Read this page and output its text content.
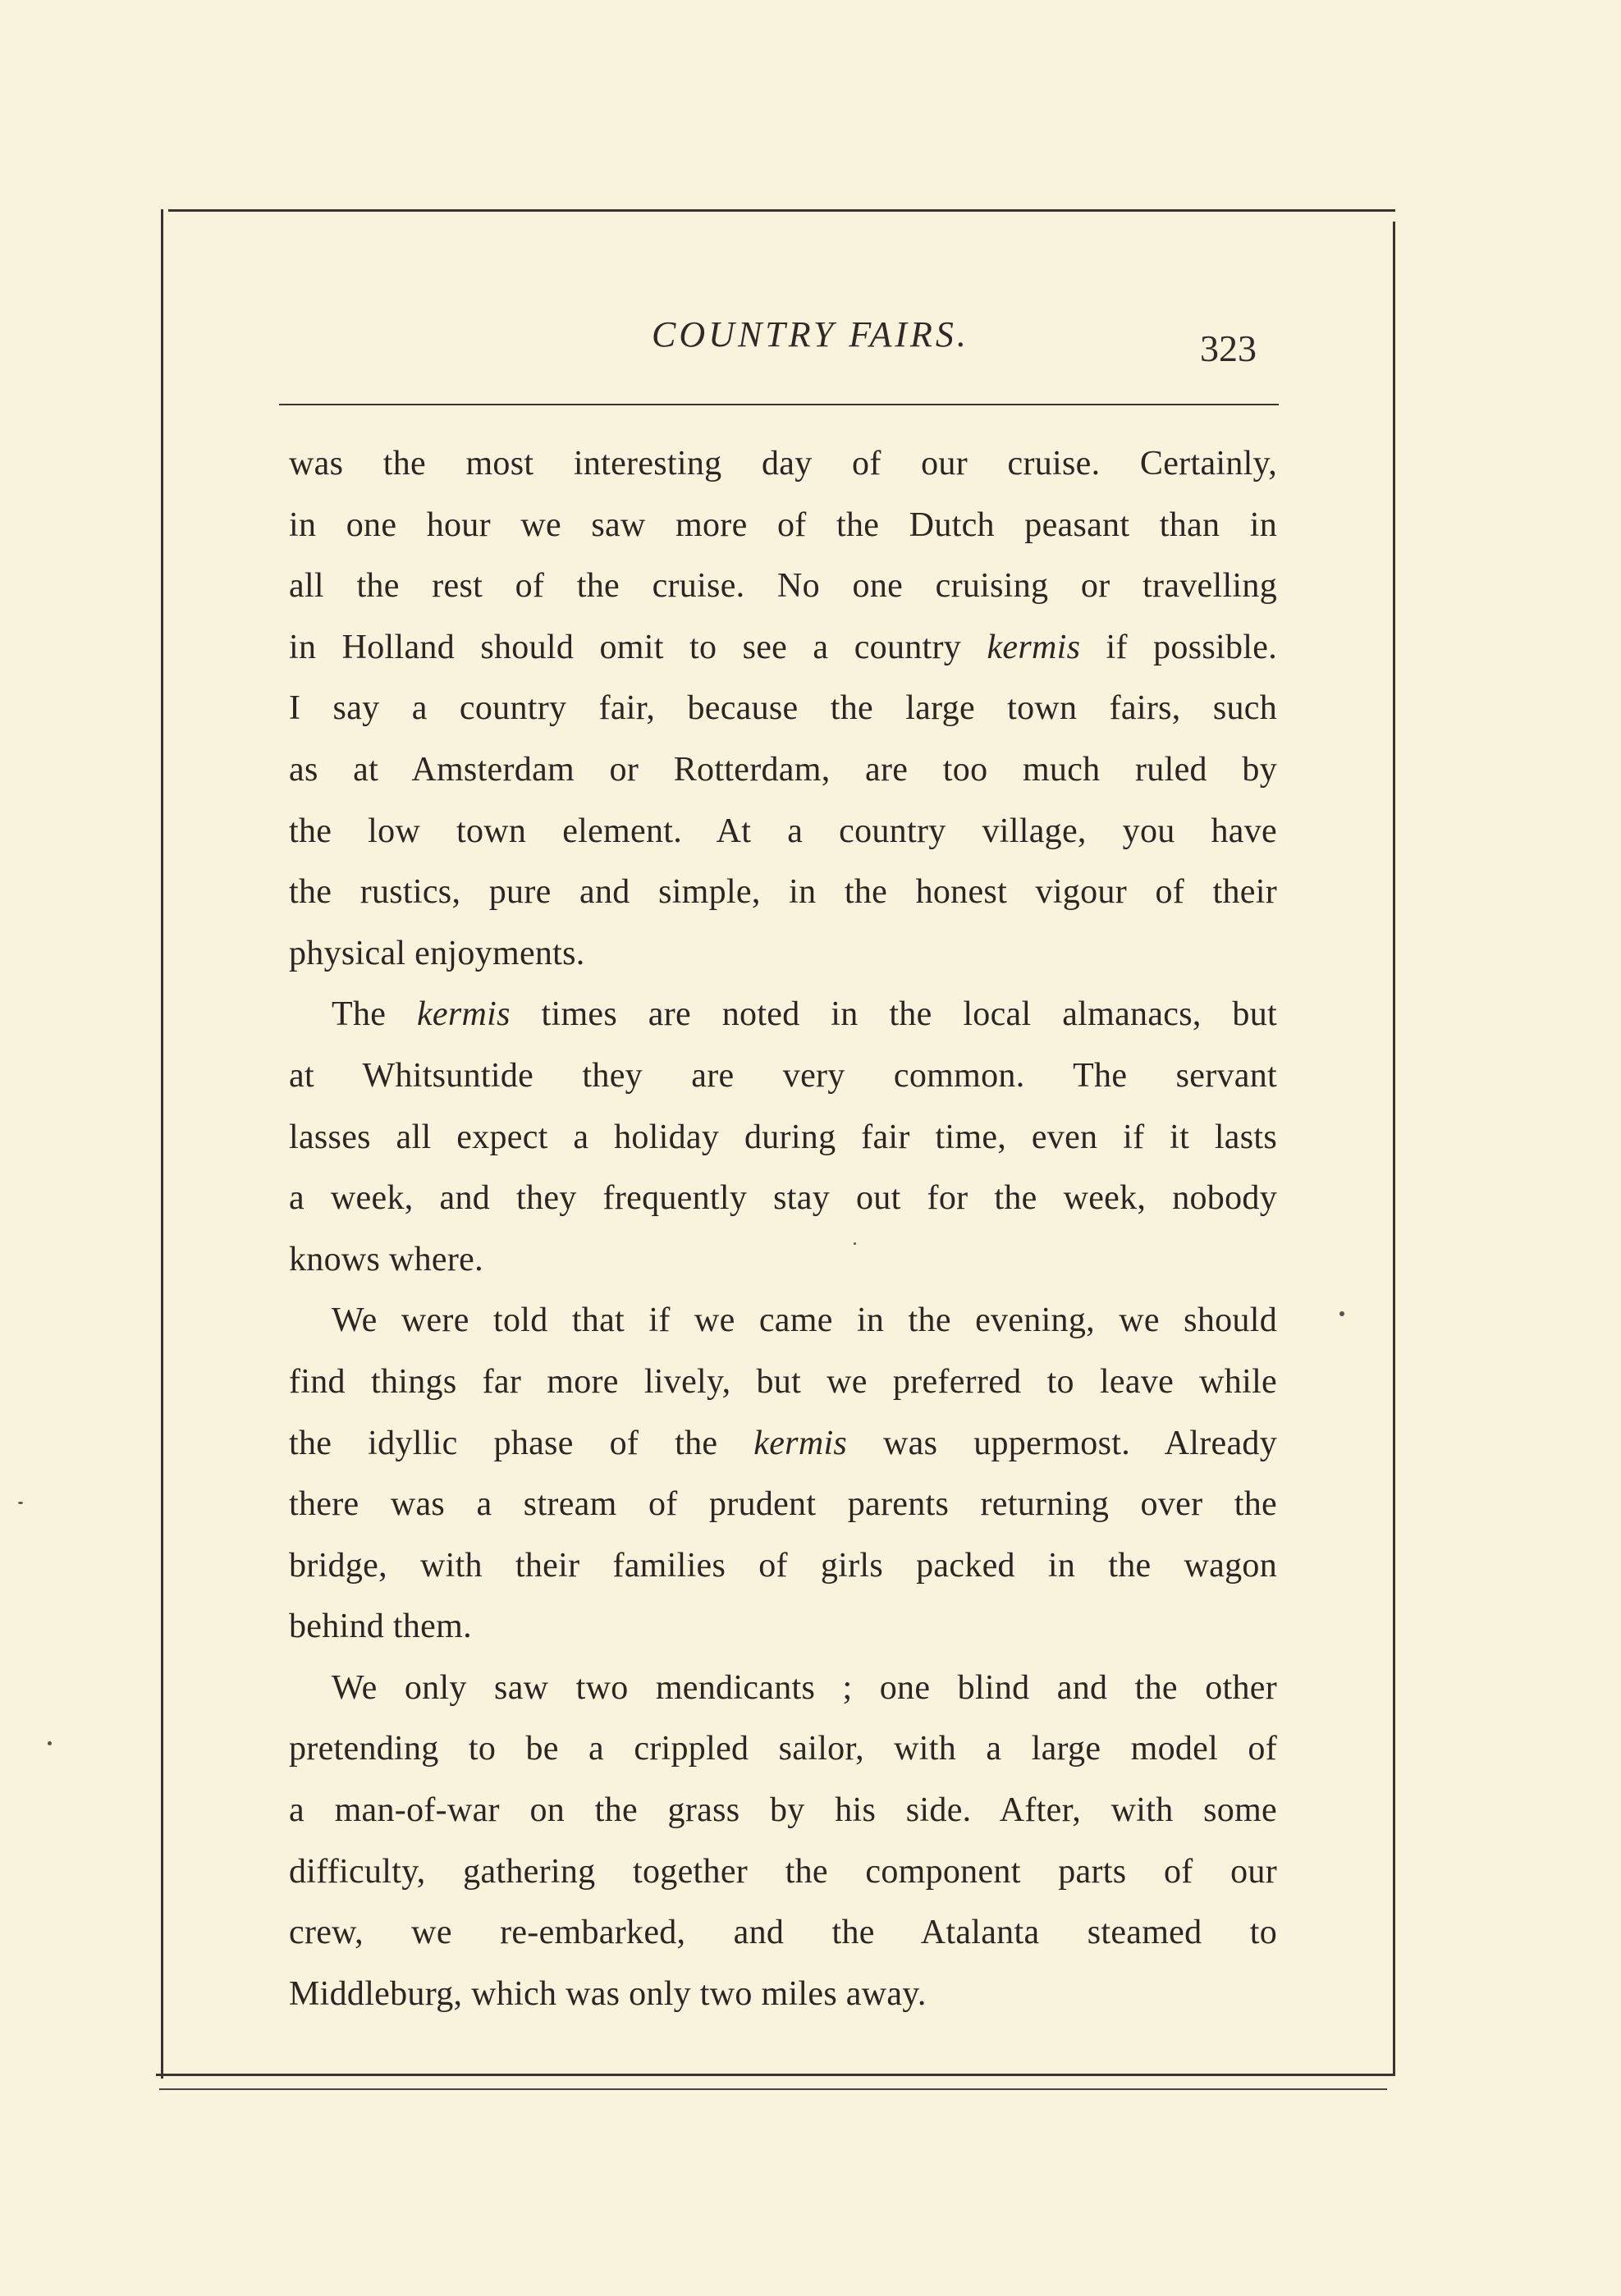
COUNTRY FAIRS.	323
was the most interesting day of our cruise. Certainly,
in one hour we saw more of the Dutch peasant than in
all the rest of the cruise. No one cruising or travelling
in Holland should omit to see a country kermis if possible.
I say a country fair, because the large town fairs, such
as at Amsterdam or Rotterdam, are too much ruled by
the low town element. At a country village, you have
the rustics, pure and simple, in the honest vigour of their
physical enjoyments.
The kermis times are noted in the local almanacs, but
at Whitsuntide they are very common. The servant
lasses all expect a holiday during fair time, even if it lasts
a week, and they frequently stay out for the week, nobody
knows where.
We were told that if we came in the evening, we should
find things far more lively, but we preferred to leave while
the idyllic phase of the kermis was uppermost. Already
there was a stream of prudent parents returning over the
bridge, with their families of girls packed in the wagon
behind them.
We only saw two mendicants ; one blind and the other
pretending to be a crippled sailor, with a large model of
a man-of-war on the grass by his side. After, with some
difficulty, gathering together the component parts of our
crew, we re-embarked, and the Atalanta steamed to
Middleburg, which was only two miles away.
